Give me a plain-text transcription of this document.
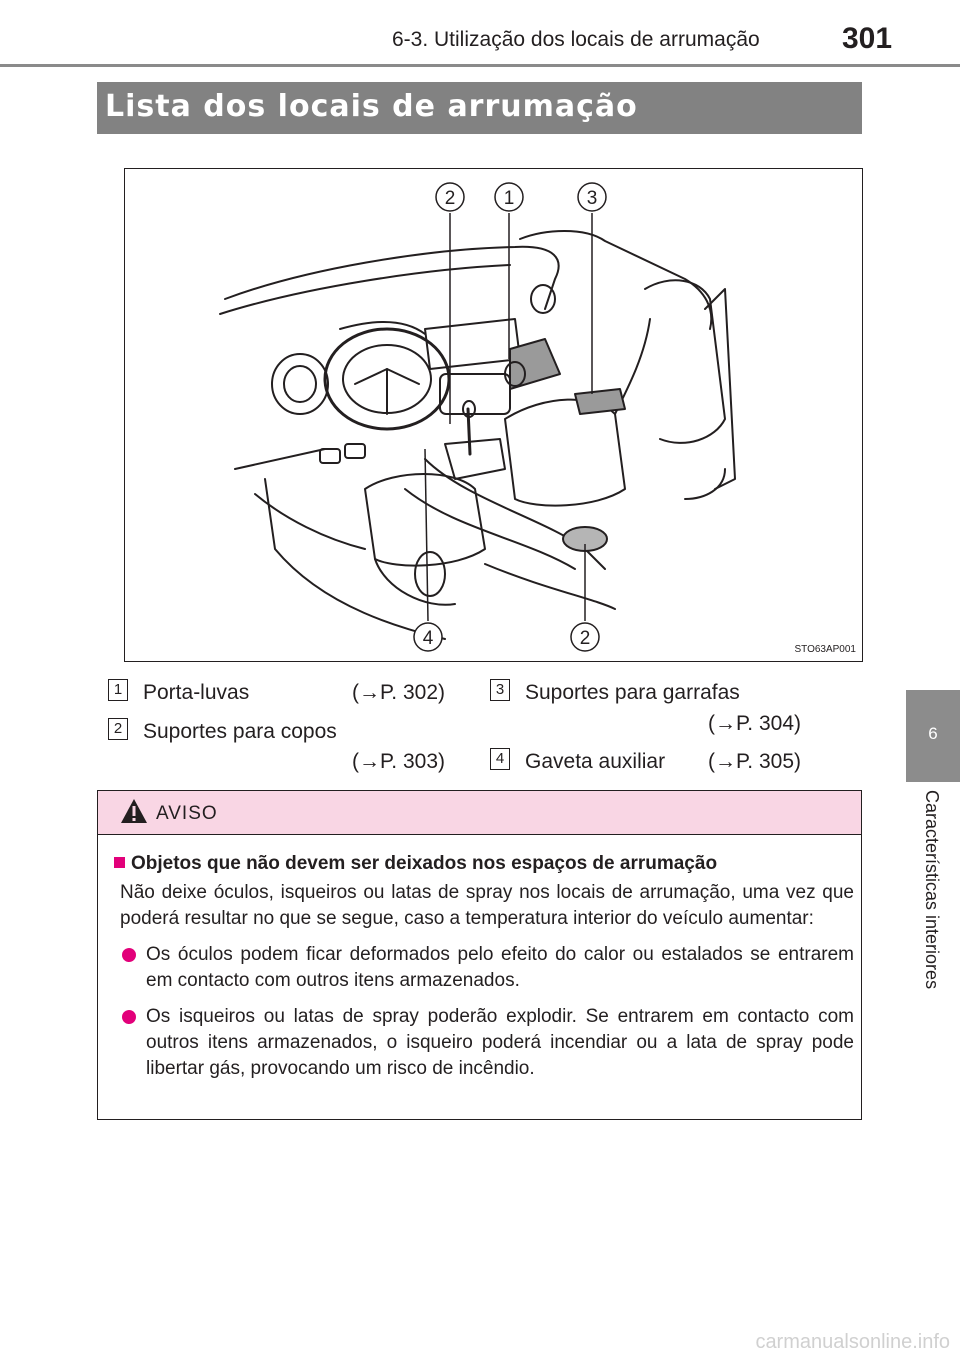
6-3. Utilização dos locais de arrumação	301
6
Características interiores
Lista dos locais de arrumação
2	1	3
4	2
STO63AP001
1 Porta-luvas	(→P. 302)
2 Suportes para copos
(→P. 303)
3 Suportes para garrafas
(→P. 304)
4 Gaveta auxiliar (→P. 305)
AVISO
Objetos que não devem ser deixados nos espaços de arrumação
Não deixe óculos, isqueiros ou latas de spray nos locais de arrumação, uma vez que poderá resultar no que se segue, caso a temperatura interior do veículo aumentar:
Os óculos podem ficar deformados pelo efeito do calor ou estalados se entrarem em contacto com outros itens armazenados.
Os isqueiros ou latas de spray poderão explodir. Se entrarem em contacto com outros itens armazenados, o isqueiro poderá incendiar ou a lata de spray pode libertar gás, provocando um risco de incêndio.
carmanualsonline.info
